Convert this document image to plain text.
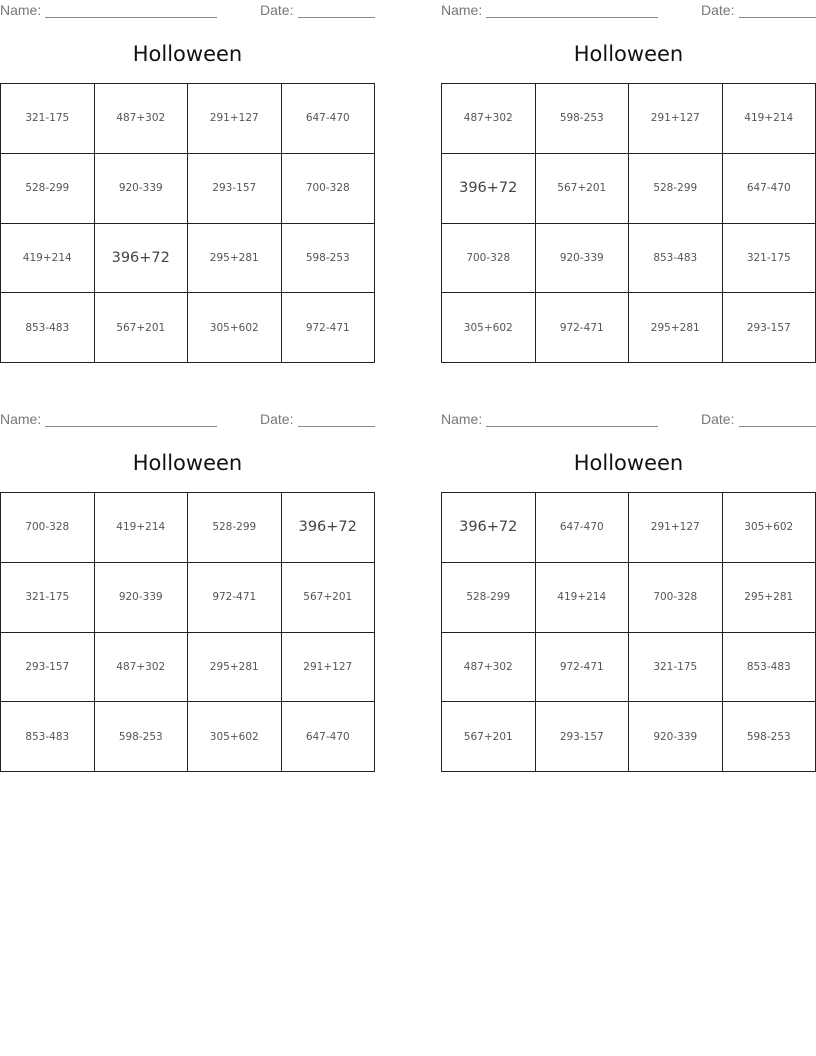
Name:	Date:
Holloween
321-175	487+302	291+127	647-470
528-299	920-339	293-157	700-328
419+214	396+72	295+281	598-253
853-483	567+201	305+602	972-471
Name:	Date:
Holloween
487+302	598-253	291+127	419+214
396+72	567+201	528-299	647-470
700-328	920-339	853-483	321-175
305+602	972-471	295+281	293-157
Name:	Date:
Holloween
700-328	419+214	528-299	396+72
321-175	920-339	972-471	567+201
293-157	487+302	295+281	291+127
853-483	598-253	305+602	647-470
Name:	Date:
Holloween
396+72	647-470	291+127	305+602
528-299	419+214	700-328	295+281
487+302	972-471	321-175	853-483
567+201	293-157	920-339	598-253
